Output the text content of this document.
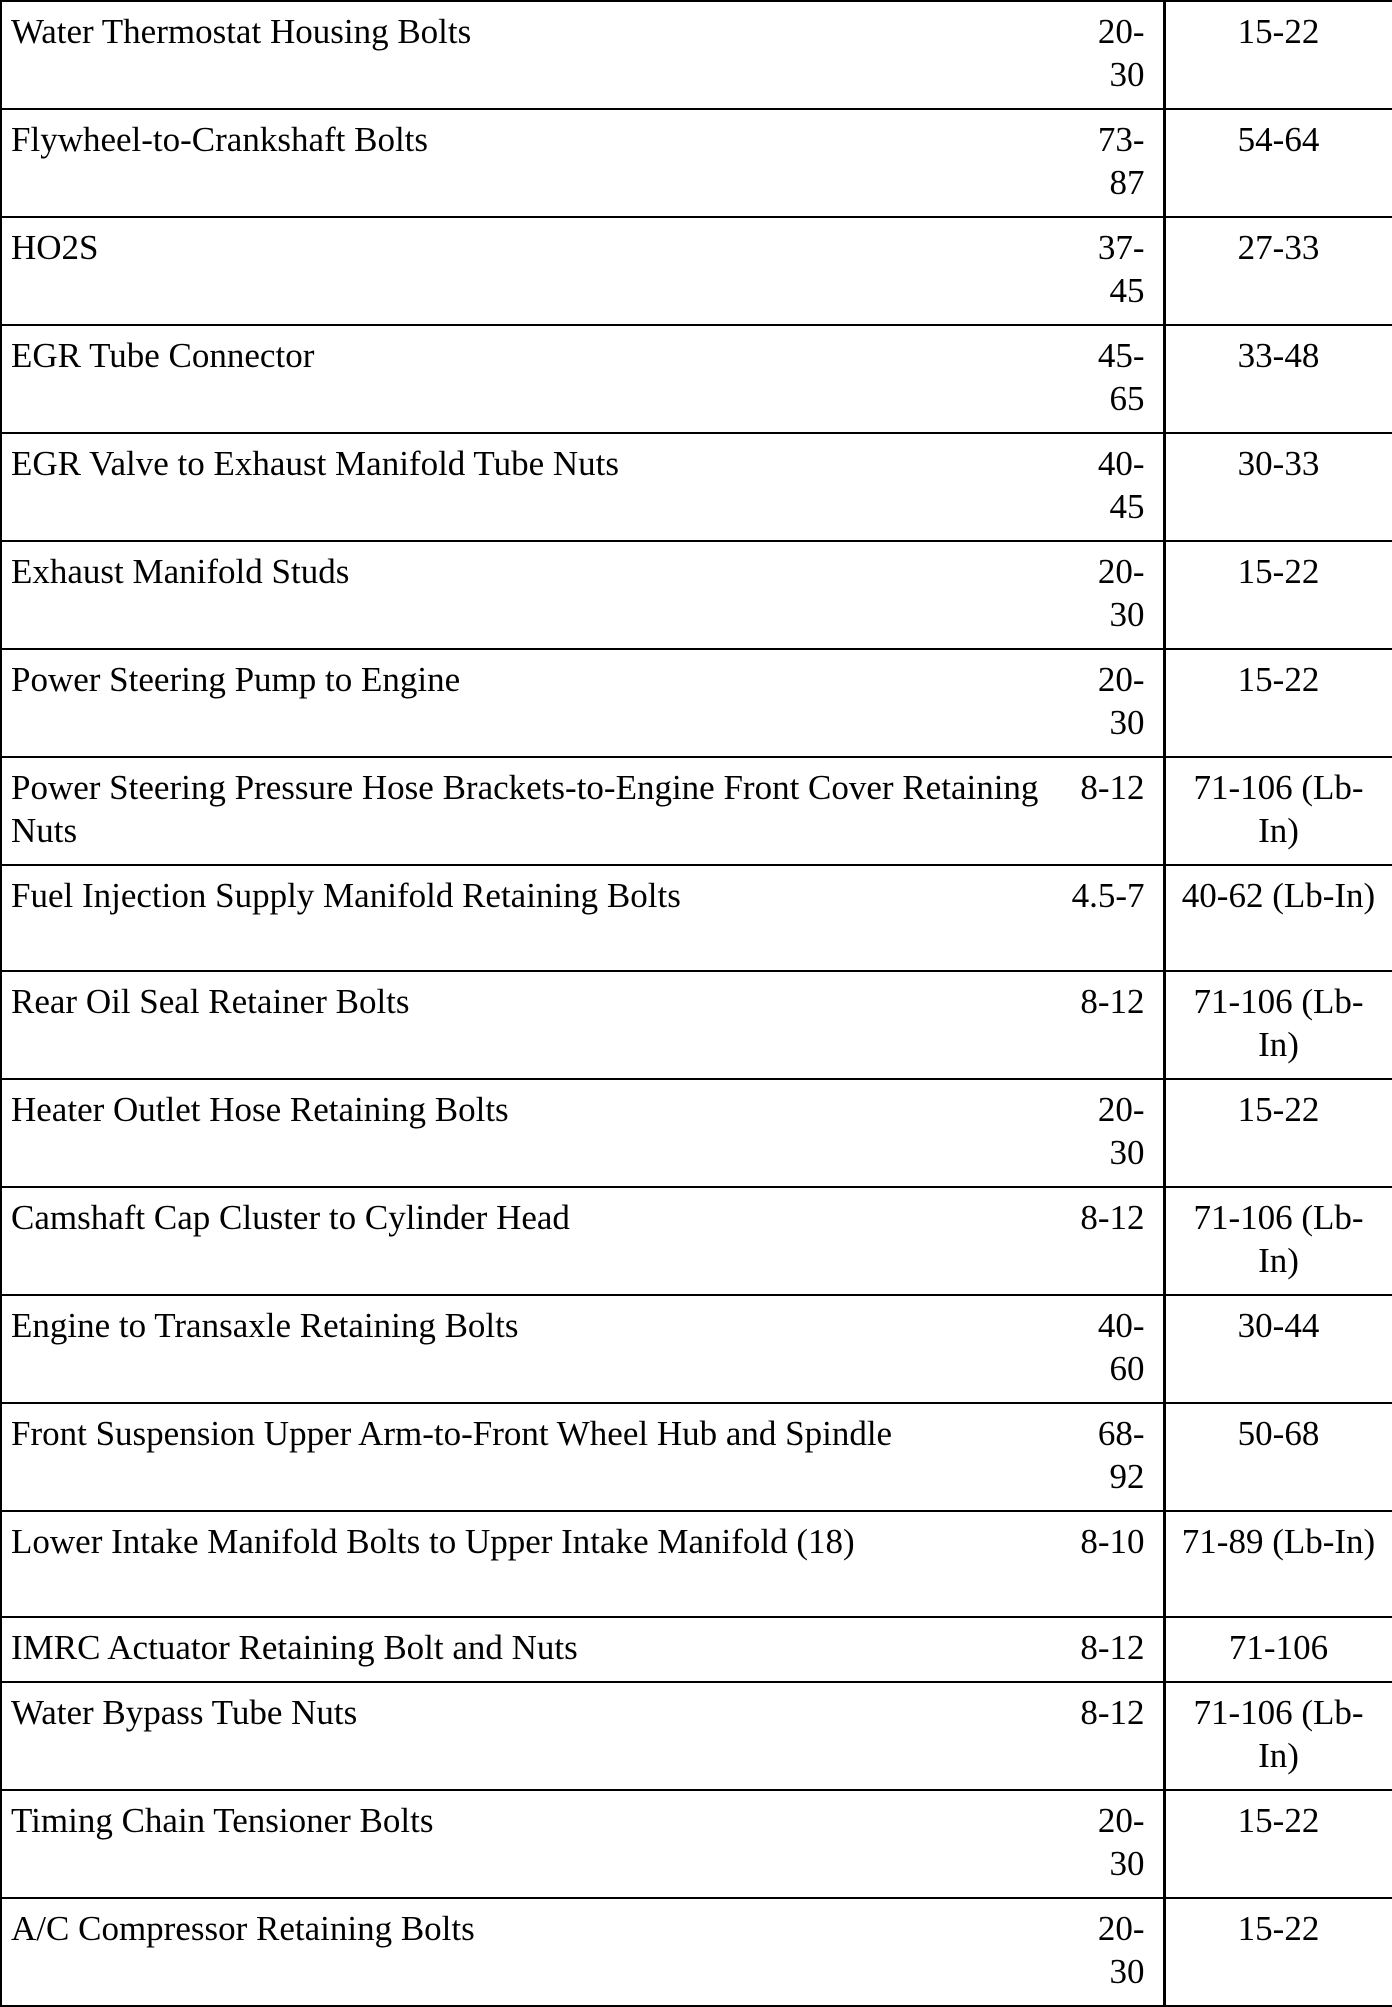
Water Thermostat Housing Bolts	20-30	15-22
Flywheel-to-Crankshaft Bolts	73-87	54-64
HO2S	37-45	27-33
EGR Tube Connector	45-65	33-48
EGR Valve to Exhaust Manifold Tube Nuts	40-45	30-33
Exhaust Manifold Studs	20-30	15-22
Power Steering Pump to Engine	20-30	15-22
Power Steering Pressure Hose Brackets-to-Engine Front Cover Retaining Nuts	8-12	71-106 (Lb-In)
Fuel Injection Supply Manifold Retaining Bolts	4.5-7	40-62 (Lb-In)
Rear Oil Seal Retainer Bolts	8-12	71-106 (Lb-In)
Heater Outlet Hose Retaining Bolts	20-30	15-22
Camshaft Cap Cluster to Cylinder Head	8-12	71-106 (Lb-In)
Engine to Transaxle Retaining Bolts	40-60	30-44
Front Suspension Upper Arm-to-Front Wheel Hub and Spindle	68-92	50-68
Lower Intake Manifold Bolts to Upper Intake Manifold (18)	8-10	71-89 (Lb-In)
IMRC Actuator Retaining Bolt and Nuts	8-12	71-106
Water Bypass Tube Nuts	8-12	71-106 (Lb-In)
Timing Chain Tensioner Bolts	20-30	15-22
A/C Compressor Retaining Bolts	20-30	15-22
